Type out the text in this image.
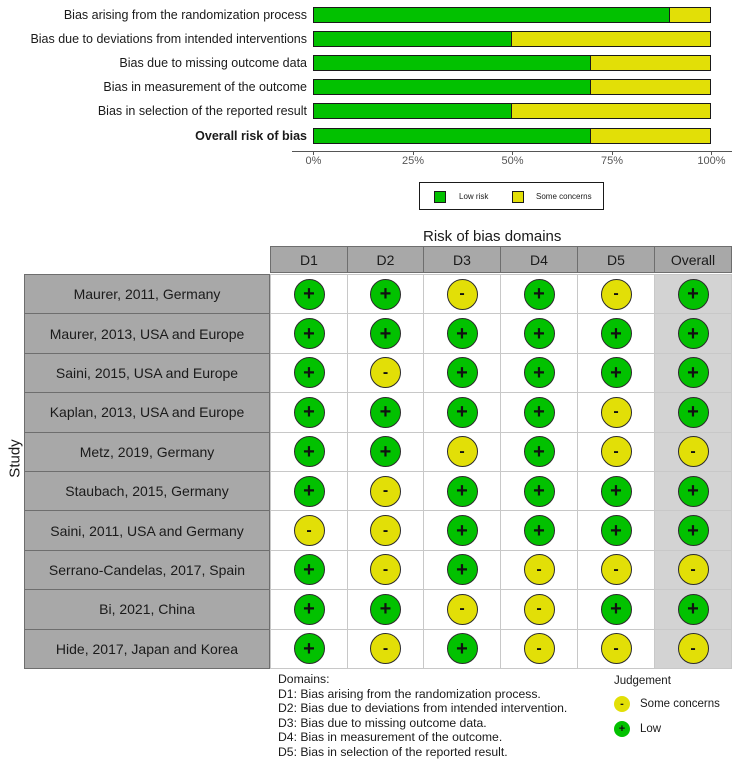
Bias arising from the randomization process
Bias due to deviations from intended interventions
Bias due to missing outcome data
Bias in measurement of the outcome
Bias in selection of the reported result
Overall risk of bias
0%	25%	50%	75%	100%
Low risk	Some concerns
Risk of bias domains
Study
D1	D2	D3	D4	D5	Overall
Maurer, 2011, Germany	+	+	-	+	-	+
Maurer, 2013, USA and Europe	+	+	+	+	+	+
Saini, 2015, USA and Europe	+	-	+	+	+	+
Kaplan, 2013, USA and Europe	+	+	+	+	-	+
Metz, 2019, Germany	+	+	-	+	-	-
Staubach, 2015, Germany	+	-	+	+	+	+
Saini, 2011, USA and Germany	-	-	+	+	+	+
Serrano-Candelas, 2017, Spain	+	-	+	-	-	-
Bi, 2021, China	+	+	-	-	+	+
Hide, 2017, Japan and Korea	+	-	+	-	-	-
Domains:
D1: Bias arising from the randomization process.
D2: Bias due to deviations from intended intervention.
D3: Bias due to missing outcome data.
D4: Bias in measurement of the outcome.
D5: Bias in selection of the reported result.
Judgement
-	Some concerns
+	Low
